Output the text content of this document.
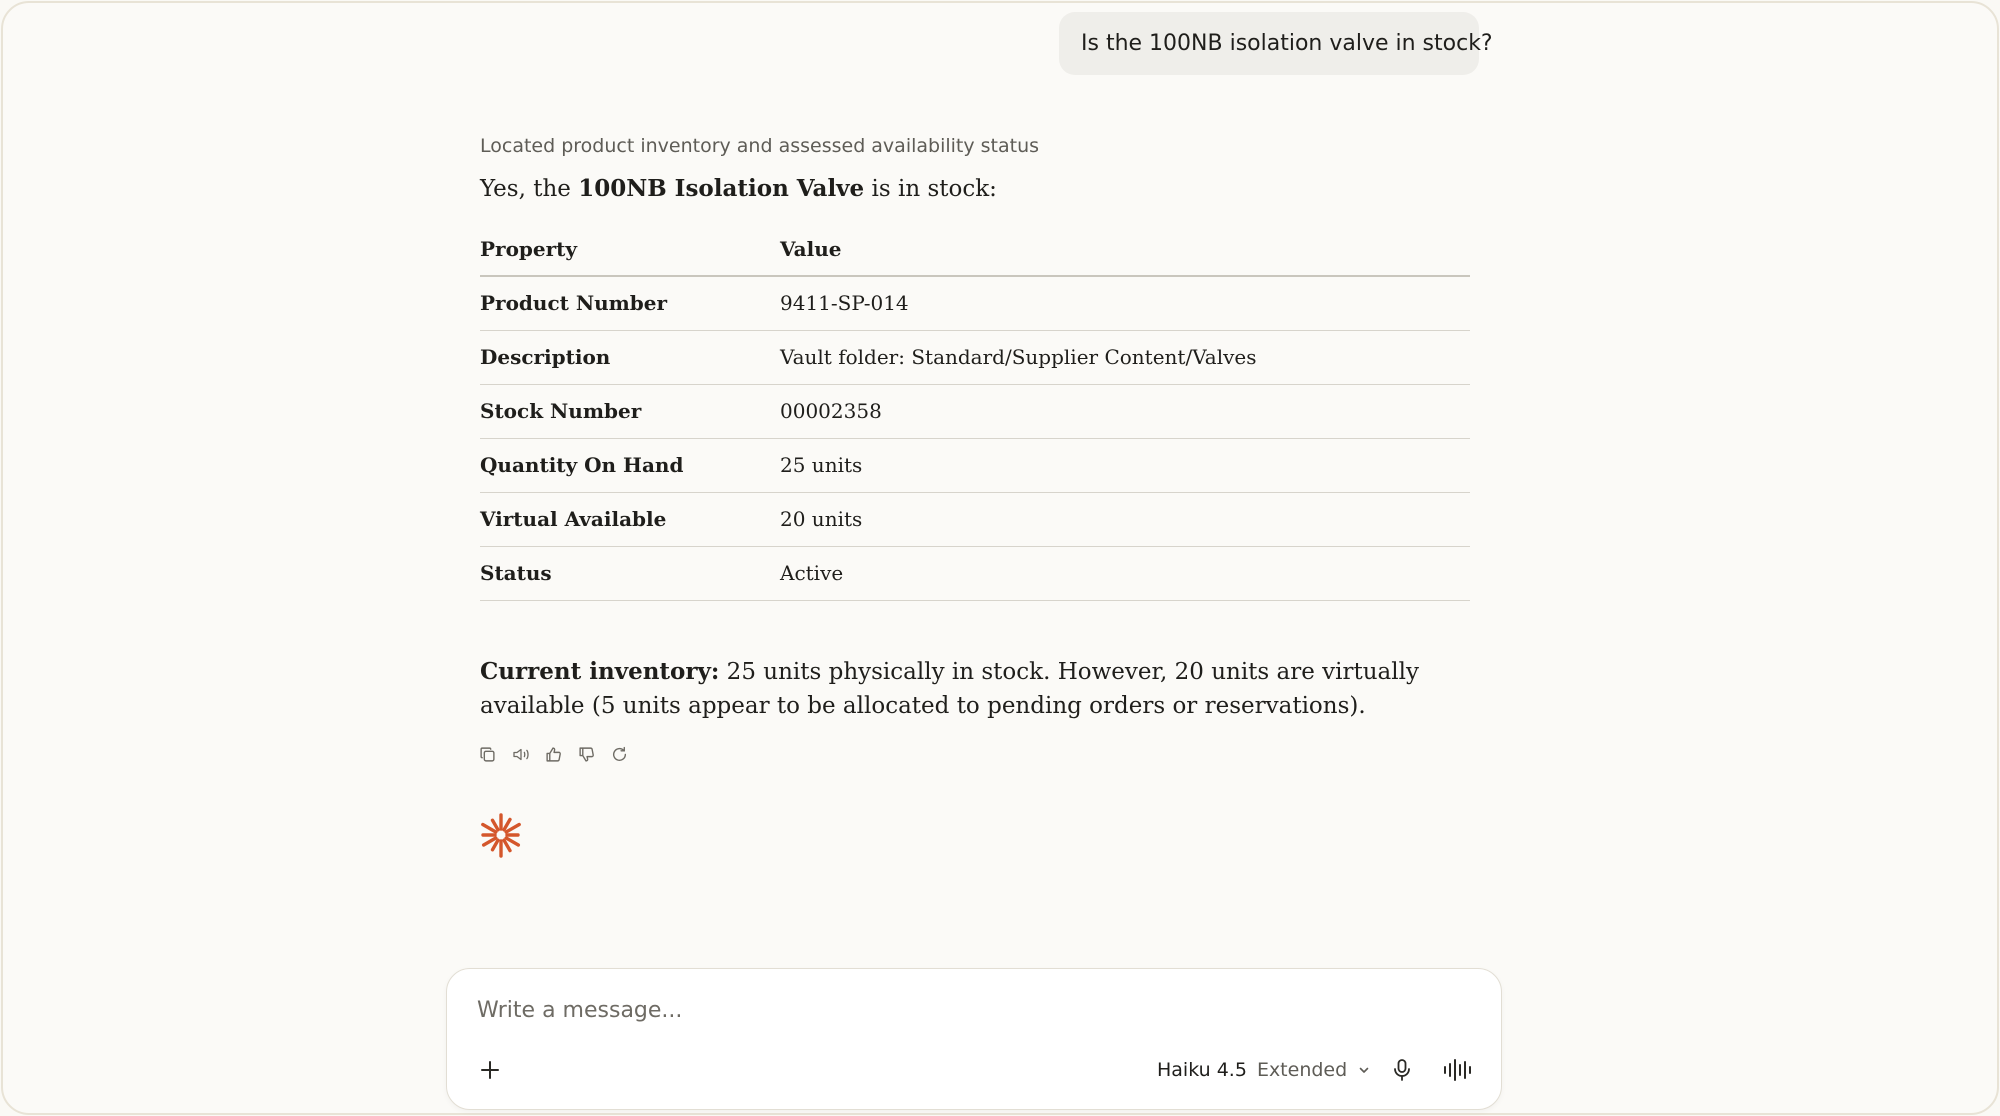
Is the 100NB isolation valve in stock?
Located product inventory and assessed availability status
Yes, the 100NB Isolation Valve is in stock:
Property	Value
Product Number	9411-SP-014
Description	Vault folder: Standard/Supplier Content/Valves
Stock Number	00002358
Quantity On Hand	25 units
Virtual Available	20 units
Status	Active
Current inventory: 25 units physically in stock. However, 20 units are virtually available (5 units appear to be allocated to pending orders or reservations).
Write a message...
Haiku 4.5 Extended
